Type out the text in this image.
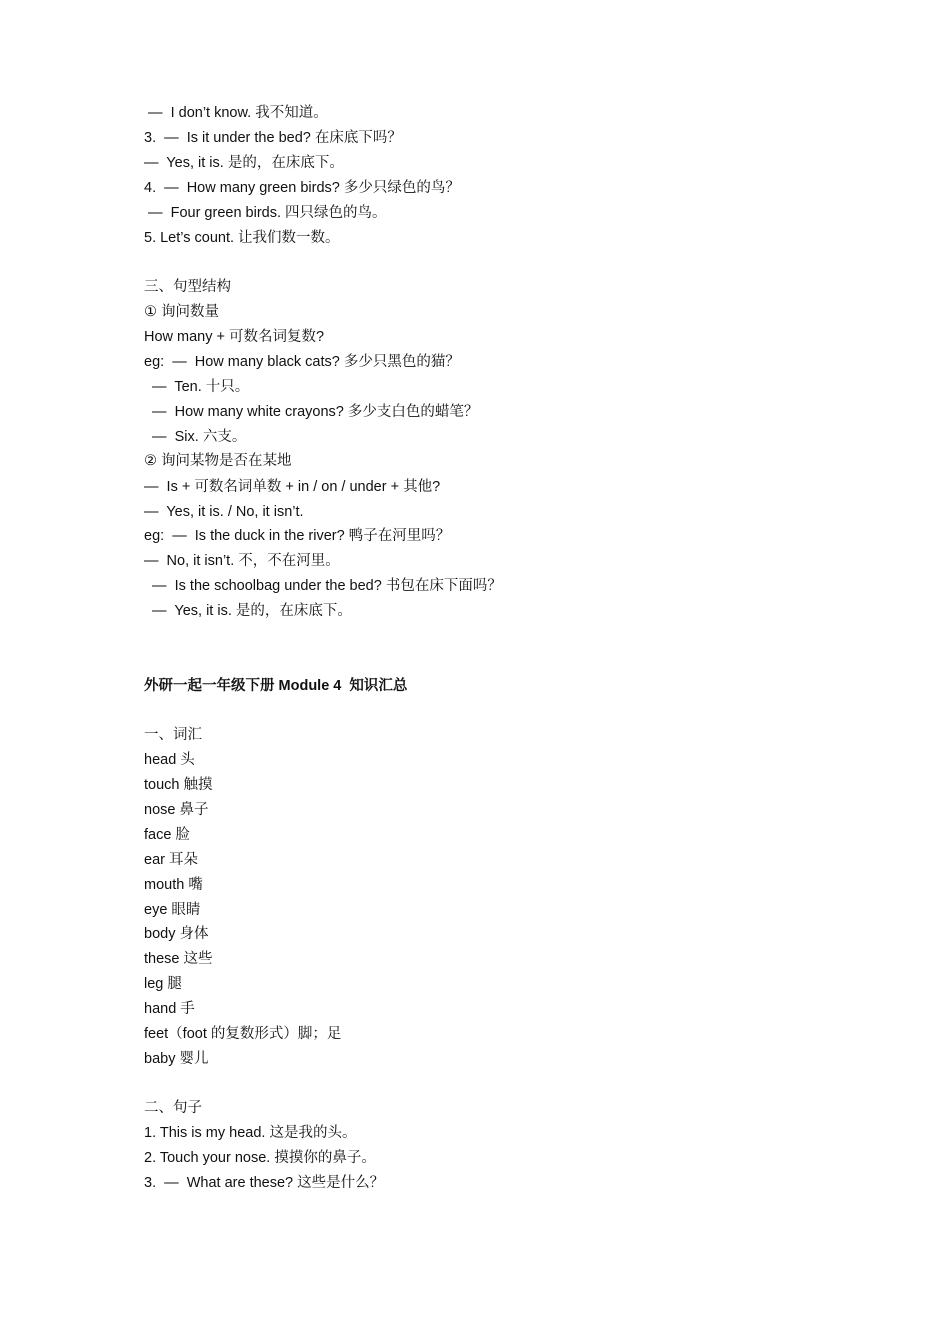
—  I don’t know. 我不知道。
3.  —  Is it under the bed? 在床底下吗？
—  Yes, it is. 是的，在床底下。
4.  —  How many green birds? 多少只绿色的鸟？
—  Four green birds. 四只绿色的鸟。
5. Let’s count. 让我们数一数。
三、句型结构
① 询问数量
How many + 可数名词复数?
eg:  —  How many black cats? 多少只黑色的猫？
—  Ten. 十只。
—  How many white crayons? 多少支白色的蜡笔？
—  Six. 六支。
② 询问某物是否在某地
—  Is + 可数名词单数 + in / on / under + 其他?
—  Yes, it is. / No, it isn’t.
eg:  —  Is the duck in the river? 鸭子在河里吗？
—  No, it isn’t. 不，不在河里。
—  Is the schoolbag under the bed? 书包在床下面吗？
—  Yes, it is. 是的，在床底下。
外研一起一年级下册 Module 4  知识汇总
一、词汇
head 头
touch 触摸
nose 鼻子
face 脸
ear 耳朵
mouth 嘴
eye 眼睛
body 身体
these 这些
leg 腿
hand 手
feet（foot 的复数形式）脚；足
baby 婴儿
二、句子
1. This is my head. 这是我的头。
2. Touch your nose. 摸摸你的鼻子。
3.  —  What are these? 这些是什么？
